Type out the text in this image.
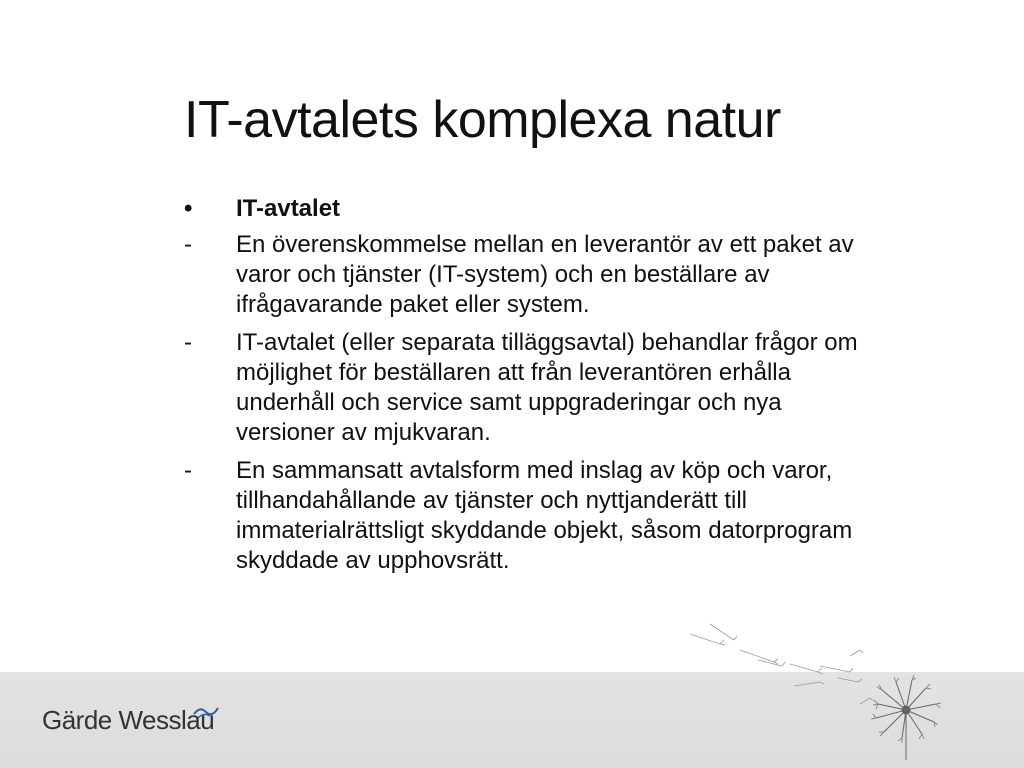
IT-avtalets komplexa natur
•	IT-avtalet
-	En överenskommelse mellan en leverantör av ett paket av varor och tjänster (IT-system) och en beställare av ifrågavarande paket eller system.
-	IT-avtalet (eller separata tilläggsavtal) behandlar frågor om möjlighet för beställaren att från leverantören erhålla underhåll och service samt uppgraderingar och nya versioner av mjukvaran.
-	En sammansatt avtalsform med inslag av köp och varor, tillhandahållande av tjänster och nyttjanderätt till immaterialrättsligt skyddande objekt, såsom datorprogram skyddade av upphovsrätt.
Gärde Wesslau
